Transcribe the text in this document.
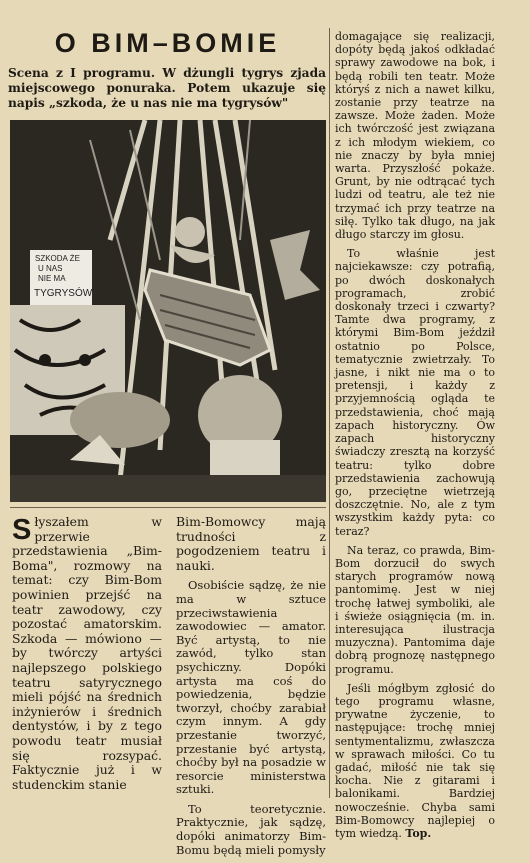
O BIM–BOMIE

Scena z I programu. W dżungli tygrys zjada miejscowego ponuraka. Potem ukazuje się napis „szkoda, że u nas nie ma tygrysów"

SZKODA ŻE
U NAS
NIE MA
TYGRYSÓW

S łyszałem w przerwie przedstawienia „Bim-Boma", rozmowy na temat: czy Bim-Bom powinien przejść na teatr zawodowy, czy pozostać amatorskim. Szkoda — mówiono — by twórczy artyści najlepszego polskiego teatru satyrycznego mieli pójść na średnich inżynierów i średnich dentystów, i by z tego powodu teatr musiał się rozsypać. Faktycznie już i w studenckim stanie

Bim-Bomowcy mają trudności z pogodzeniem teatru i nauki.

Osobiście sądzę, że nie ma w sztuce przeciwstawienia zawodowiec — amator. Być artystą, to nie zawód, tylko stan psychiczny. Dopóki artysta ma coś do powiedzenia, będzie tworzył, choćby zarabiał czym innym. A gdy przestanie tworzyć, przestanie być artystą, choćby był na posadzie w resorcie ministerstwa sztuki.

To teoretycznie. Praktycznie, jak sądzę, dopóki animatorzy Bim-Bomu będą mieli pomysły

domagające się realizacji, dopóty będą jakoś odkładać sprawy zawodowe na bok, i będą robili ten teatr. Może któryś z nich a nawet kilku, zostanie przy teatrze na zawsze. Może żaden. Może ich twórczość jest związana z ich młodym wiekiem, co nie znaczy by była mniej warta. Przyszłość pokaże. Grunt, by nie odtrącać tych ludzi od teatru, ale też nie trzymać ich przy teatrze na siłę. Tylko tak długo, na jak długo starczy im głosu.

To właśnie jest najciekawsze: czy potrafią, po dwóch doskonałych programach, zrobić doskonały trzeci i czwarty? Tamte dwa programy, z którymi Bim-Bom jeździł ostatnio po Polsce, tematycznie zwietrzały. To jasne, i nikt nie ma o to pretensji, i każdy z przyjemnością ogląda te przedstawienia, choć mają zapach historyczny. Ów zapach historyczny świadczy zresztą na korzyść teatru: tylko dobre przedstawienia zachowują go, przeciętne wietrzeją doszczętnie. No, ale z tym wszystkim każdy pyta: co teraz?

Na teraz, co prawda, Bim-Bom dorzucił do swych starych programów nową pantomimę. Jest w niej trochę łatwej symboliki, ale i świeże osiągnięcia (m. in. interesująca ilustracja muzyczna). Pantomima daje dobrą prognozę następnego programu.

Jeśli mógłbym zgłosić do tego programu własne, prywatne życzenie, to następujące: trochę mniej sentymentalizmu, zwłaszcza w sprawach miłości. Co tu gadać, miłość nie tak się kocha. Nie z gitarami i balonikami. Bardziej nowocześnie. Chyba sami Bim-Bomowcy najlepiej o tym wiedzą. Top.
